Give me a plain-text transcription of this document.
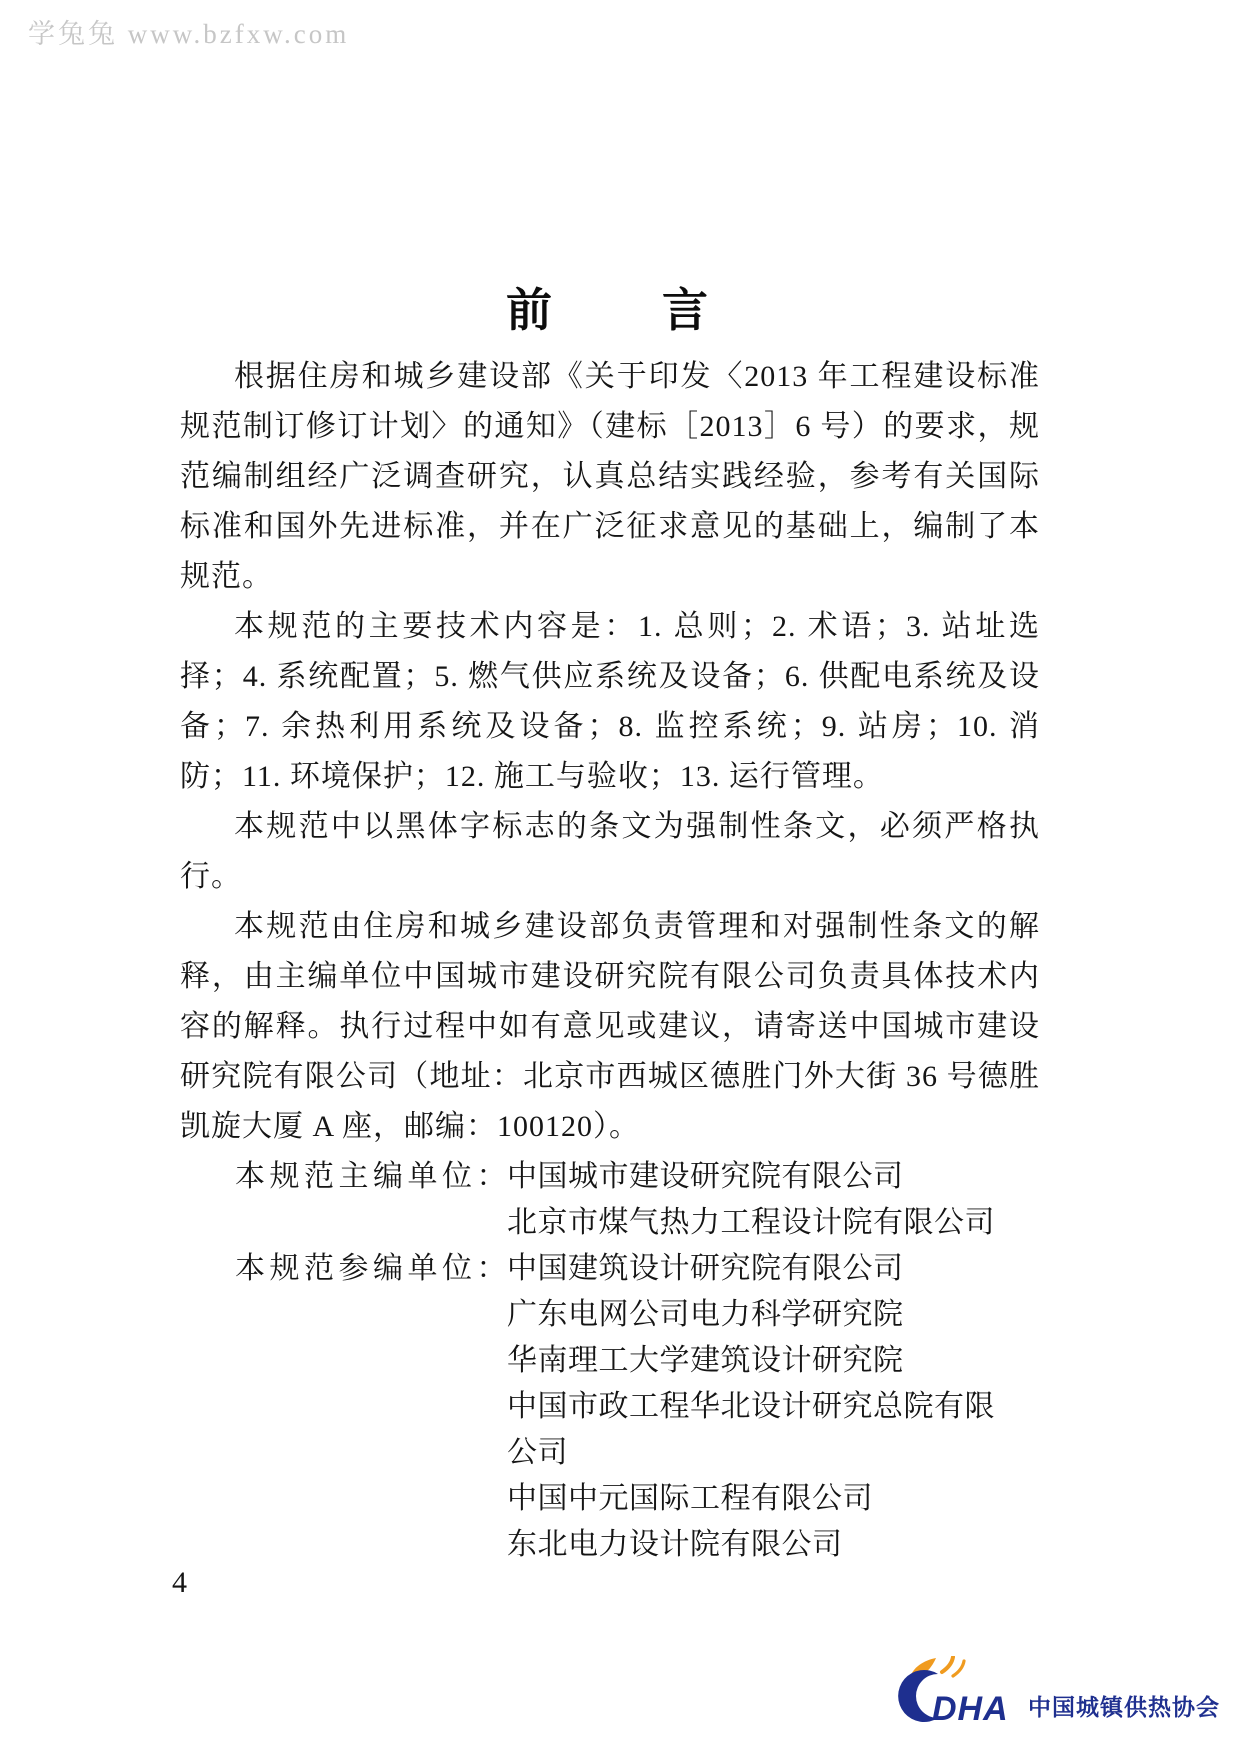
学兔兔 www.bzfxw.com
前　　言

根据住房和城乡建设部《关于印发〈2013 年工程建设标准规范制订修订计划〉的通知》（建标［2013］6 号）的要求，规范编制组经广泛调查研究，认真总结实践经验，参考有关国际标准和国外先进标准，并在广泛征求意见的基础上，编制了本规范。

本规范的主要技术内容是：1. 总则；2. 术语；3. 站址选择；4. 系统配置；5. 燃气供应系统及设备；6. 供配电系统及设备；7. 余热利用系统及设备；8. 监控系统；9. 站房；10. 消防；11. 环境保护；12. 施工与验收；13. 运行管理。

本规范中以黑体字标志的条文为强制性条文，必须严格执行。

本规范由住房和城乡建设部负责管理和对强制性条文的解释，由主编单位中国城市建设研究院有限公司负责具体技术内容的解释。执行过程中如有意见或建议，请寄送中国城市建设研究院有限公司（地址：北京市西城区德胜门外大街 36 号德胜凯旋大厦 A 座，邮编：100120）。

本规范主编单位：
中国城市建设研究院有限公司
北京市煤气热力工程设计院有限公司
本规范参编单位：
中国建筑设计研究院有限公司
广东电网公司电力科学研究院
华南理工大学建筑设计研究院
中国市政工程华北设计研究总院有限公司
中国中元国际工程有限公司
东北电力设计院有限公司
4
DHA 中国城镇供热协会
